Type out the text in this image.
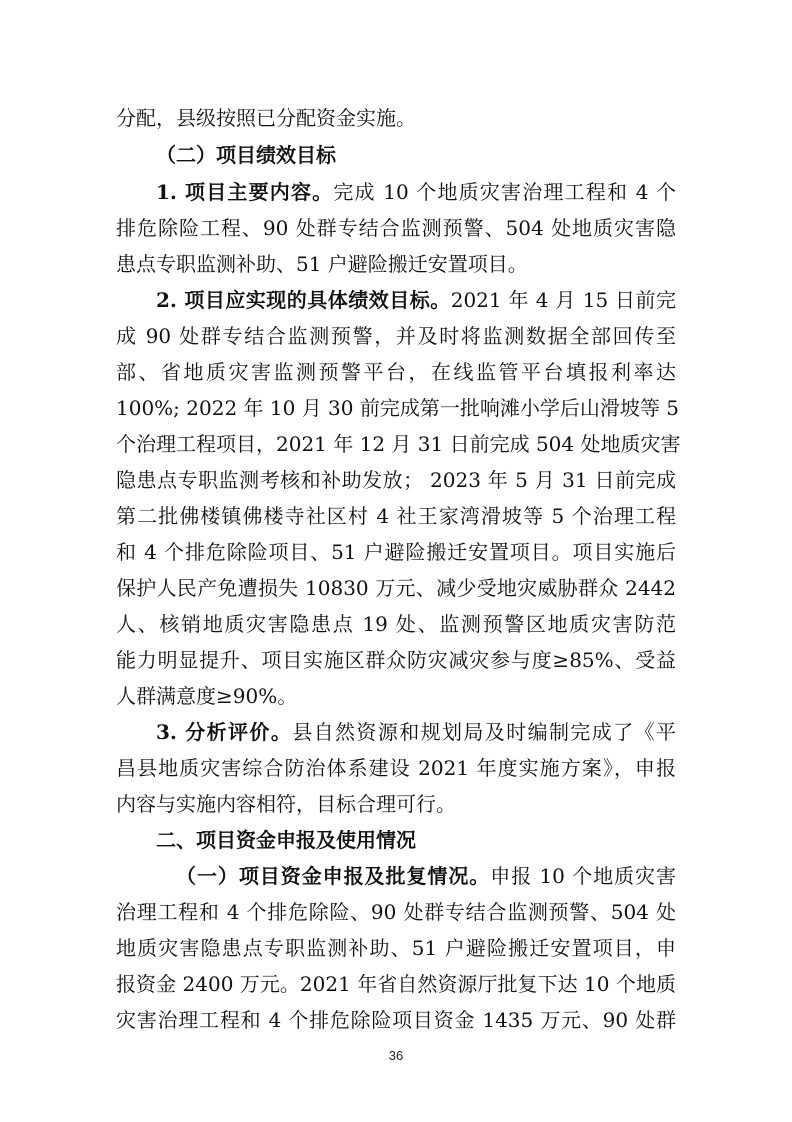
分配，县级按照已分配资金实施。
（二）项目绩效目标
1. 项目主要内容。完成 10 个地质灾害治理工程和 4 个
排危除险工程、90 处群专结合监测预警、504 处地质灾害隐
患点专职监测补助、51 户避险搬迁安置项目。
2. 项目应实现的具体绩效目标。2021 年 4 月 15 日前完
成 90 处群专结合监测预警，并及时将监测数据全部回传至
部、省地质灾害监测预警平台，在线监管平台填报利率达
100%; 2022 年 10 月 30 前完成第一批响滩小学后山滑坡等 5
个治理工程项目，2021 年 12 月 31 日前完成 504 处地质灾害
隐患点专职监测考核和补助发放； 2023 年 5 月 31 日前完成
第二批佛楼镇佛楼寺社区村 4 社王家湾滑坡等 5 个治理工程
和 4 个排危除险项目、51 户避险搬迁安置项目。项目实施后
保护人民产免遭损失 10830 万元、减少受地灾威胁群众 2442
人、核销地质灾害隐患点 19 处、监测预警区地质灾害防范
能力明显提升、项目实施区群众防灾减灾参与度≥85%、受益
人群满意度≥90%。
3. 分析评价。县自然资源和规划局及时编制完成了《平
昌县地质灾害综合防治体系建设 2021 年度实施方案》，申报
内容与实施内容相符，目标合理可行。
二、项目资金申报及使用情况
（一）项目资金申报及批复情况。申报 10 个地质灾害
治理工程和 4 个排危除险、90 处群专结合监测预警、504 处
地质灾害隐患点专职监测补助、51 户避险搬迁安置项目，申
报资金 2400 万元。2021 年省自然资源厅批复下达 10 个地质
灾害治理工程和 4 个排危除险项目资金 1435 万元、90 处群
36
